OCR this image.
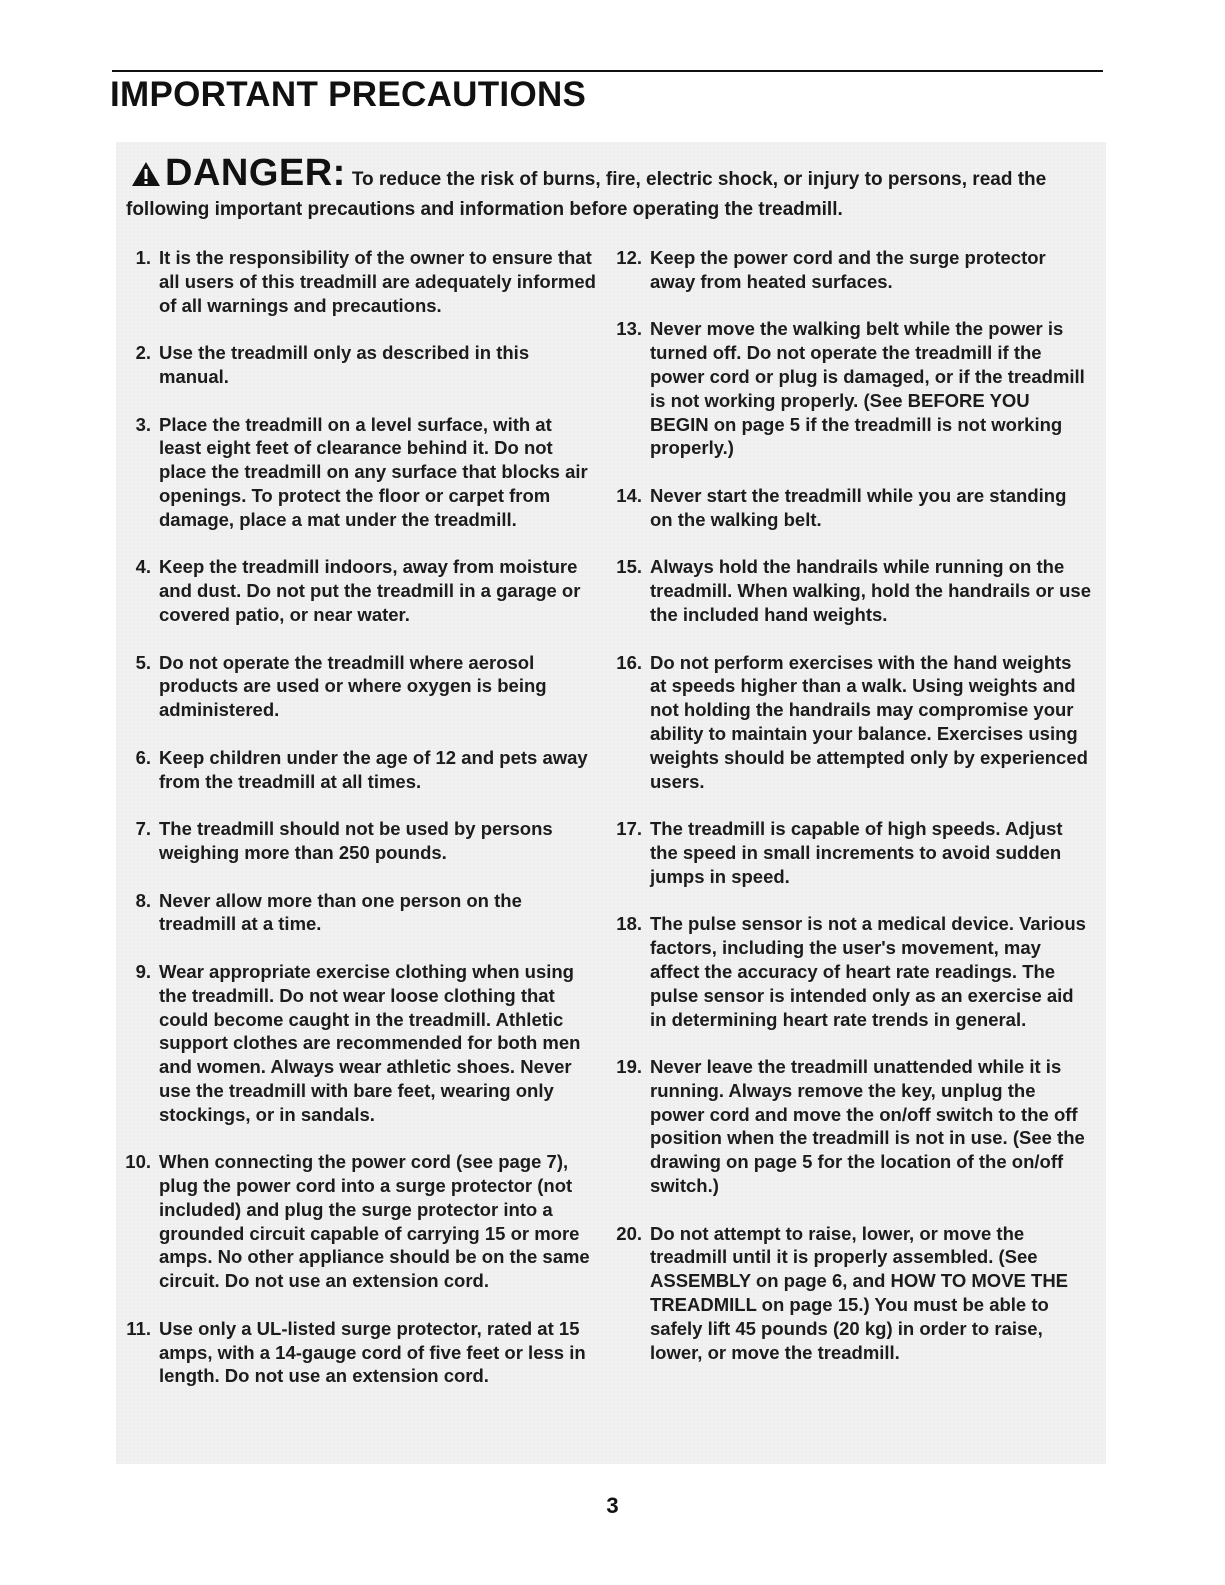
IMPORTANT PRECAUTIONS
DANGER: To reduce the risk of burns, fire, electric shock, or injury to persons, read the
following important precautions and information before operating the treadmill.
1. It is the responsibility of the owner to ensure that all users of this treadmill are adequately informed of all warnings and precautions.
2. Use the treadmill only as described in this manual.
3. Place the treadmill on a level surface, with at least eight feet of clearance behind it. Do not place the treadmill on any surface that blocks air openings. To protect the floor or carpet from damage, place a mat under the treadmill.
4. Keep the treadmill indoors, away from moisture and dust. Do not put the treadmill in a garage or covered patio, or near water.
5. Do not operate the treadmill where aerosol products are used or where oxygen is being administered.
6. Keep children under the age of 12 and pets away from the treadmill at all times.
7. The treadmill should not be used by persons weighing more than 250 pounds.
8. Never allow more than one person on the treadmill at a time.
9. Wear appropriate exercise clothing when using the treadmill. Do not wear loose clothing that could become caught in the treadmill. Athletic support clothes are recommended for both men and women. Always wear athletic shoes. Never use the treadmill with bare feet, wearing only stockings, or in sandals.
10. When connecting the power cord (see page 7), plug the power cord into a surge protector (not included) and plug the surge protector into a grounded circuit capable of carrying 15 or more amps. No other appliance should be on the same circuit. Do not use an extension cord.
11. Use only a UL-listed surge protector, rated at 15 amps, with a 14-gauge cord of five feet or less in length. Do not use an extension cord.
12. Keep the power cord and the surge protector away from heated surfaces.
13. Never move the walking belt while the power is turned off. Do not operate the treadmill if the power cord or plug is damaged, or if the treadmill is not working properly. (See BEFORE YOU BEGIN on page 5 if the treadmill is not working properly.)
14. Never start the treadmill while you are standing on the walking belt.
15. Always hold the handrails while running on the treadmill. When walking, hold the handrails or use the included hand weights.
16. Do not perform exercises with the hand weights at speeds higher than a walk. Using weights and not holding the handrails may compromise your ability to maintain your balance. Exercises using weights should be attempted only by experienced users.
17. The treadmill is capable of high speeds. Adjust the speed in small increments to avoid sudden jumps in speed.
18. The pulse sensor is not a medical device. Various factors, including the user's movement, may affect the accuracy of heart rate readings. The pulse sensor is intended only as an exercise aid in determining heart rate trends in general.
19. Never leave the treadmill unattended while it is running. Always remove the key, unplug the power cord and move the on/off switch to the off position when the treadmill is not in use. (See the drawing on page 5 for the location of the on/off switch.)
20. Do not attempt to raise, lower, or move the treadmill until it is properly assembled. (See ASSEMBLY on page 6, and HOW TO MOVE THE TREADMILL on page 15.) You must be able to safely lift 45 pounds (20 kg) in order to raise, lower, or move the treadmill.
3
